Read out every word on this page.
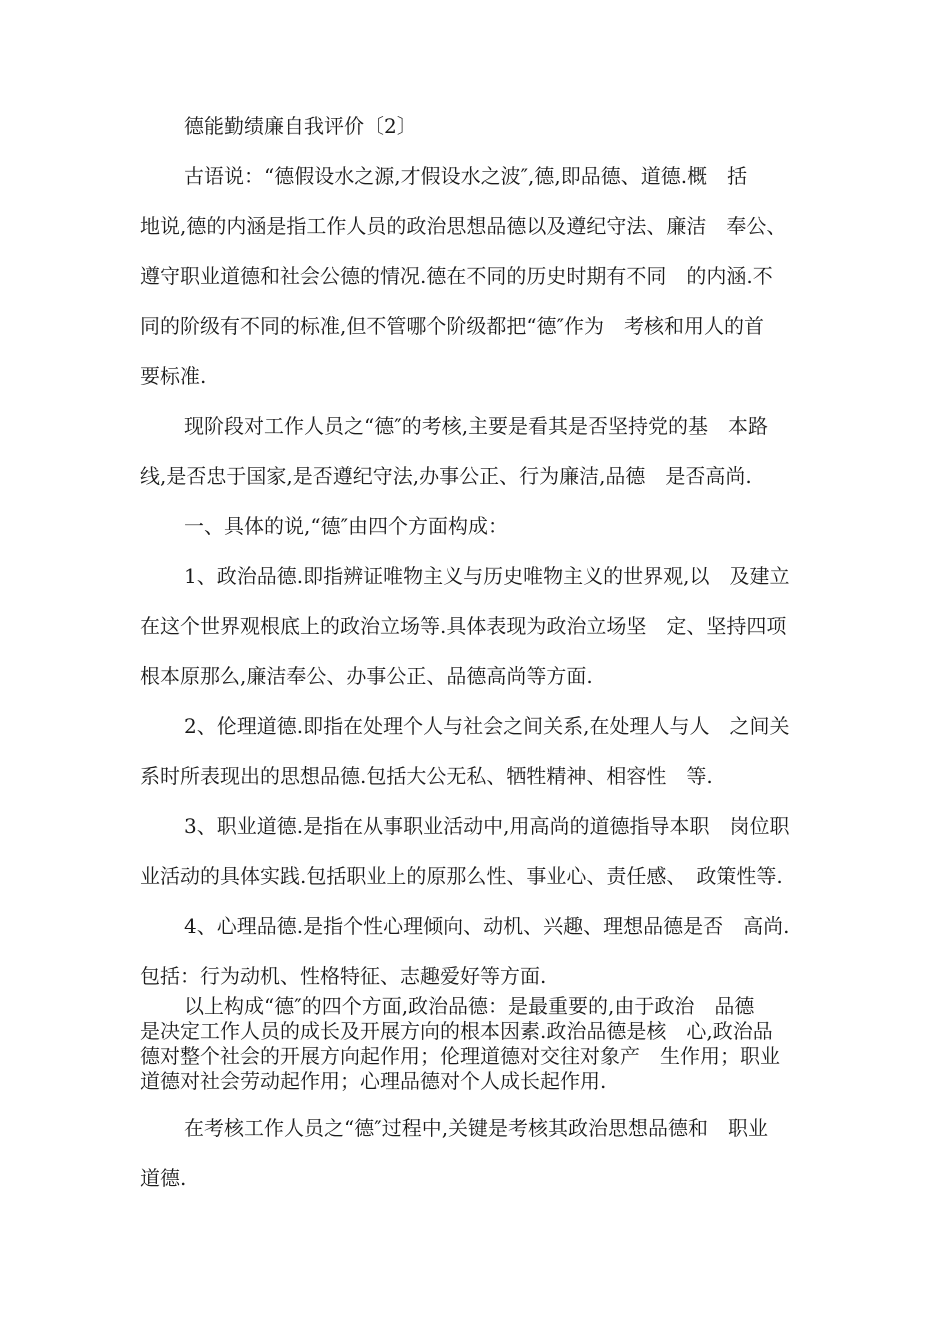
德能勤绩廉自我评价〔2〕
古语说：“德假设水之源,才假设水之波″,德,即品德、道德.概　括
地说,德的内涵是指工作人员的政治思想品德以及遵纪守法、廉洁　奉公、
遵守职业道德和社会公德的情况.德在不同的历史时期有不同　的内涵.不
同的阶级有不同的标准,但不管哪个阶级都把“德″作为　考核和用人的首
要标准.
现阶段对工作人员之“德″的考核,主要是看其是否坚持党的基　本路
线,是否忠于国家,是否遵纪守法,办事公正、行为廉洁,品德　是否高尚.
一、具体的说,“德″由四个方面构成：
1、政治品德.即指辨证唯物主义与历史唯物主义的世界观,以　及建立
在这个世界观根底上的政治立场等.具体表现为政治立场坚　定、坚持四项
根本原那么,廉洁奉公、办事公正、品德高尚等方面.
2、伦理道德.即指在处理个人与社会之间关系,在处理人与人　之间关
系时所表现出的思想品德.包括大公无私、牺牲精神、相容性　等.
3、职业道德.是指在从事职业活动中,用高尚的道德指导本职　岗位职
业活动的具体实践.包括职业上的原那么性、事业心、责任感、　政策性等.
4、心理品德.是指个性心理倾向、动机、兴趣、理想品德是否　高尚.
包括：行为动机、性格特征、志趣爱好等方面.
以上构成“德″的四个方面,政治品德：是最重要的,由于政治　品德
是决定工作人员的成长及开展方向的根本因素.政治品德是核　心,政治品
德对整个社会的开展方向起作用；伦理道德对交往对象产　生作用；职业
道德对社会劳动起作用；心理品德对个人成长起作用.
在考核工作人员之“德″过程中,关键是考核其政治思想品德和　职业
道德.
